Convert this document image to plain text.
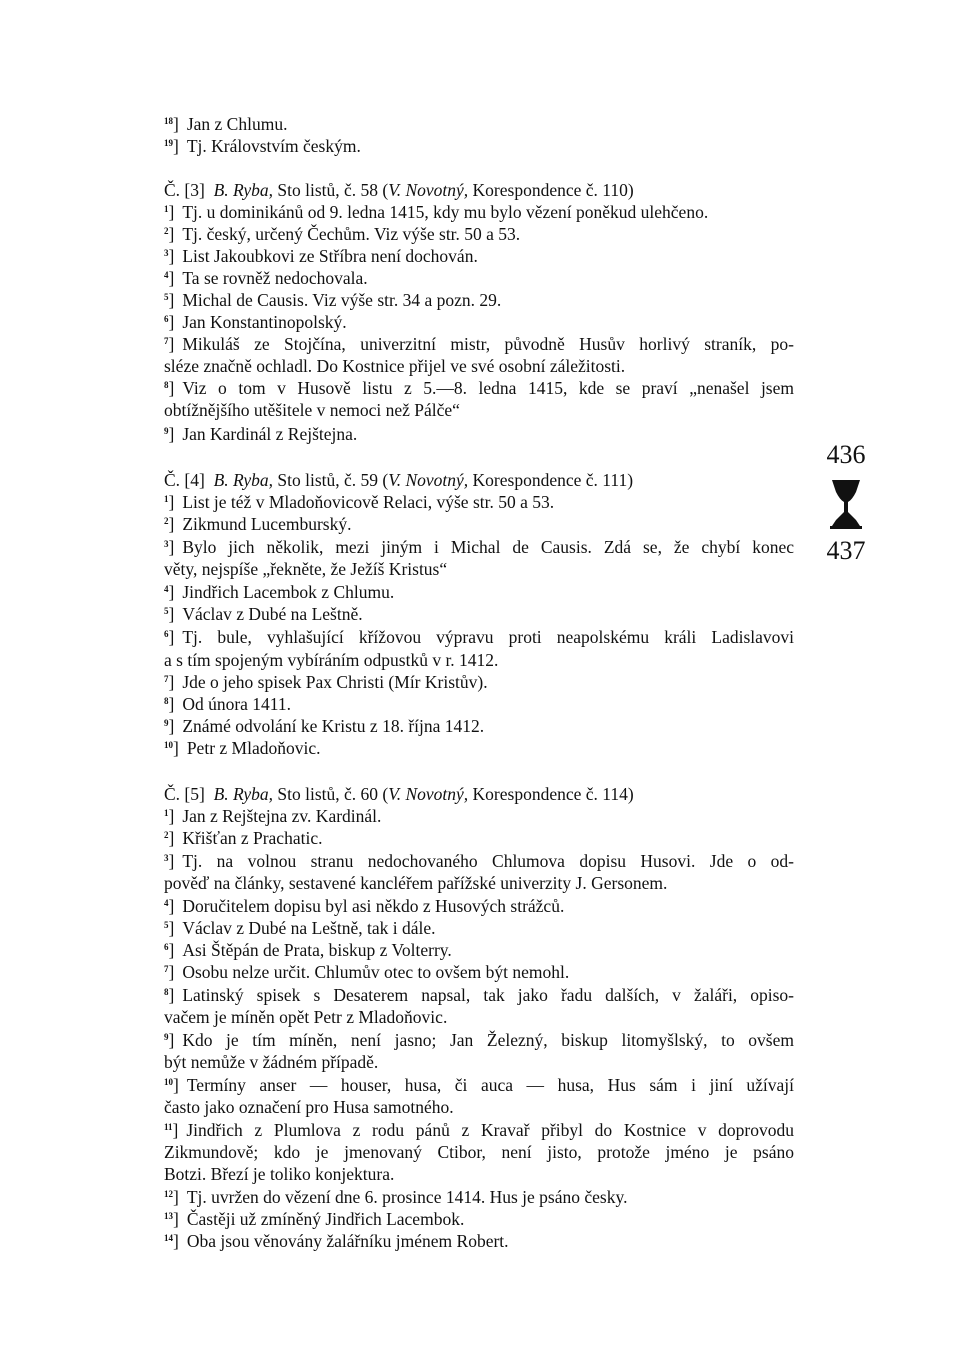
$^{18}$] Jan z Chlumu.
$^{19}$] Tj. Královstvím českým.
Č. [3] B. Ryba, Sto listů, č. 58 (V. Novotný, Korespondence č. 110)
$^1$] Tj. u dominikánů od 9. ledna 1415, kdy mu bylo vězení poněkud ulehčeno.
$^2$] Tj. český, určený Čechům. Viz výše str. 50 a 53.
$^3$] List Jakoubkovi ze Stříbra není dochován.
$^4$] Ta se rovněž nedochovala.
$^5$] Michal de Causis. Viz výše str. 34 a pozn. 29.
$^6$] Jan Konstantinopolský.
$^7$] Mikuláš ze Stojčína, univerzitní mistr, původně Husův horlivý straník, po-
sléze značně ochladl. Do Kostnice přijel ve své osobní záležitosti.
$^8$] Viz o tom v Husově listu z 5.—8. ledna 1415, kde se praví „nenašel jsem
obtížnějšího utěšitele v nemoci než Pálče“
$^9$] Jan Kardinál z Rejštejna.
Č. [4] B. Ryba, Sto listů, č. 59 (V. Novotný, Korespondence č. 111)
$^1$] List je též v Mladoňovicově Relaci, výše str. 50 a 53.
$^2$] Zikmund Lucemburský.
$^3$] Bylo jich několik, mezi jiným i Michal de Causis. Zdá se, že chybí konec
věty, nejspíše „řekněte, že Ježíš Kristus“
$^4$] Jindřich Lacembok z Chlumu.
$^5$] Václav z Dubé na Leštně.
$^6$] Tj. bule, vyhlašující křížovou výpravu proti neapolskému králi Ladislavovi
a s tím spojeným vybíráním odpustků v r. 1412.
$^7$] Jde o jeho spisek Pax Christi (Mír Kristův).
$^8$] Od února 1411.
$^9$] Známé odvolání ke Kristu z 18. října 1412.
$^{10}$] Petr z Mladoňovic.
Č. [5] B. Ryba, Sto listů, č. 60 (V. Novotný, Korespondence č. 114)
$^1$] Jan z Rejštejna zv. Kardinál.
$^2$] Křišťan z Prachatic.
$^3$] Tj. na volnou stranu nedochovaného Chlumova dopisu Husovi. Jde o od-
pověď na články, sestavené kancléřem pařížské univerzity J. Gersonem.
$^4$] Doručitelem dopisu byl asi někdo z Husových strážců.
$^5$] Václav z Dubé na Leštně, tak i dále.
$^6$] Asi Štěpán de Prata, biskup z Volterry.
$^7$] Osobu nelze určit. Chlumův otec to ovšem být nemohl.
$^8$] Latinský spisek s Desaterem napsal, tak jako řadu dalších, v žaláři, opiso-
vačem je míněn opět Petr z Mladoňovic.
$^9$] Kdo je tím míněn, není jasno; Jan Železný, biskup litomyšlský, to ovšem
být nemůže v žádném případě.
$^{10}$] Termíny anser — houser, husa, či auca — husa, Hus sám i jiní užívají
často jako označení pro Husa samotného.
$^{11}$] Jindřich z Plumlova z rodu pánů z Kravař přibyl do Kostnice v doprovodu
Zikmundově; kdo je jmenovaný Ctibor, není jisto, protože jméno je psáno
Botzi. Březí je toliko konjektura.
$^{12}$] Tj. uvržen do vězení dne 6. prosince 1414. Hus je psáno česky.
$^{13}$] Častěji už zmíněný Jindřich Lacembok.
$^{14}$] Oba jsou věnovány žalářníku jménem Robert.
436
437
